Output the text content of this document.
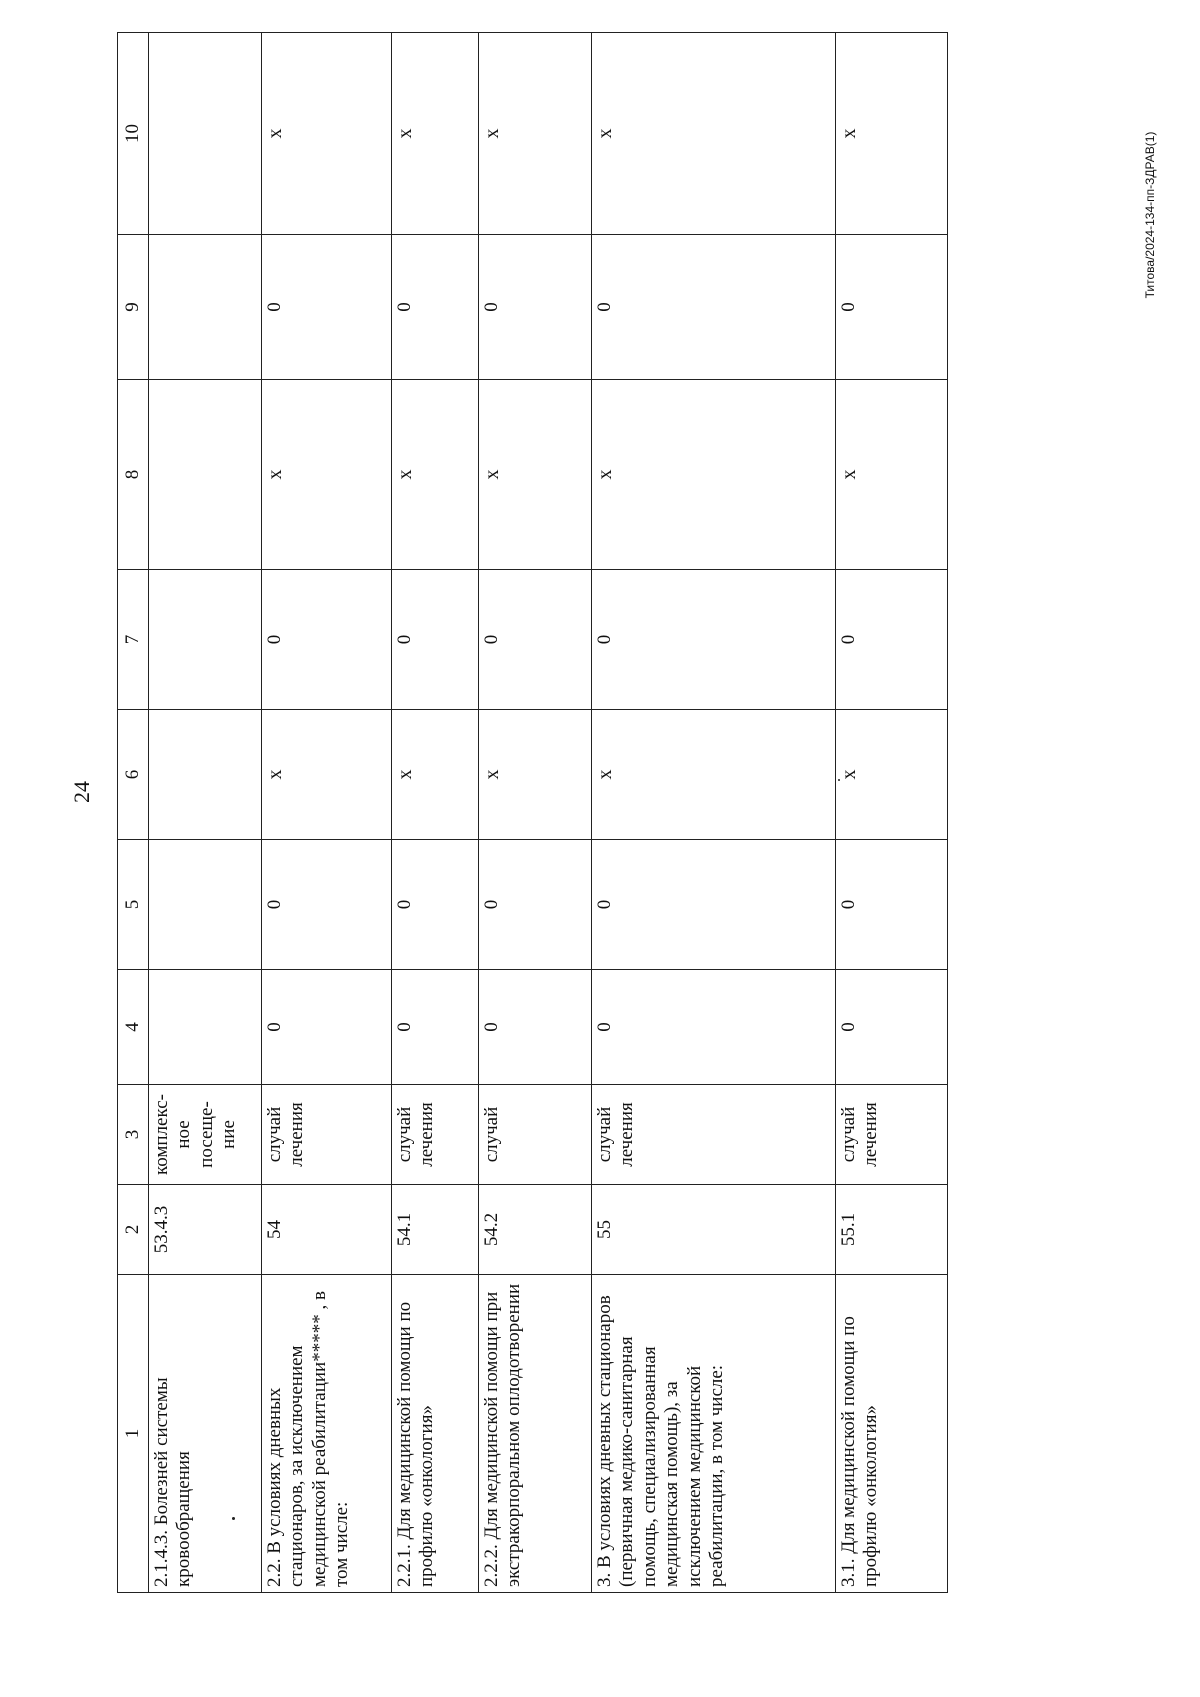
24
Титова/2024-134-пп-ЗДРАВ(1)
1	2	3	4	5	6	7	8	9	10
2.1.4.3. Болезней системы кровообращения	53.4.3	комплекс-ное посеще-ние							
2.2. В условиях дневных стационаров, за исключением медицинской реабилитации***** , в том числе:	54	случай лечения	0	0	х	0	х	0	х
2.2.1. Для медицинской помощи по профилю «онкология»	54.1	случай лечения	0	0	х	0	х	0	х
2.2.2. Для медицинской помощи при экстракорпоральном оплодотворении	54.2	случай	0	0	х	0	х	0	х
3. В условиях дневных стационаров (первичная медико-санитарная помощь, специализированная медицинская помощь), за исключением медицинской реабилитации, в том числе:	55	случай лечения	0	0	х	0	х	0	х
3.1. Для медицинской помощи по профилю «онкология»	55.1	случай лечения	0	0	х	0	х	0	х
